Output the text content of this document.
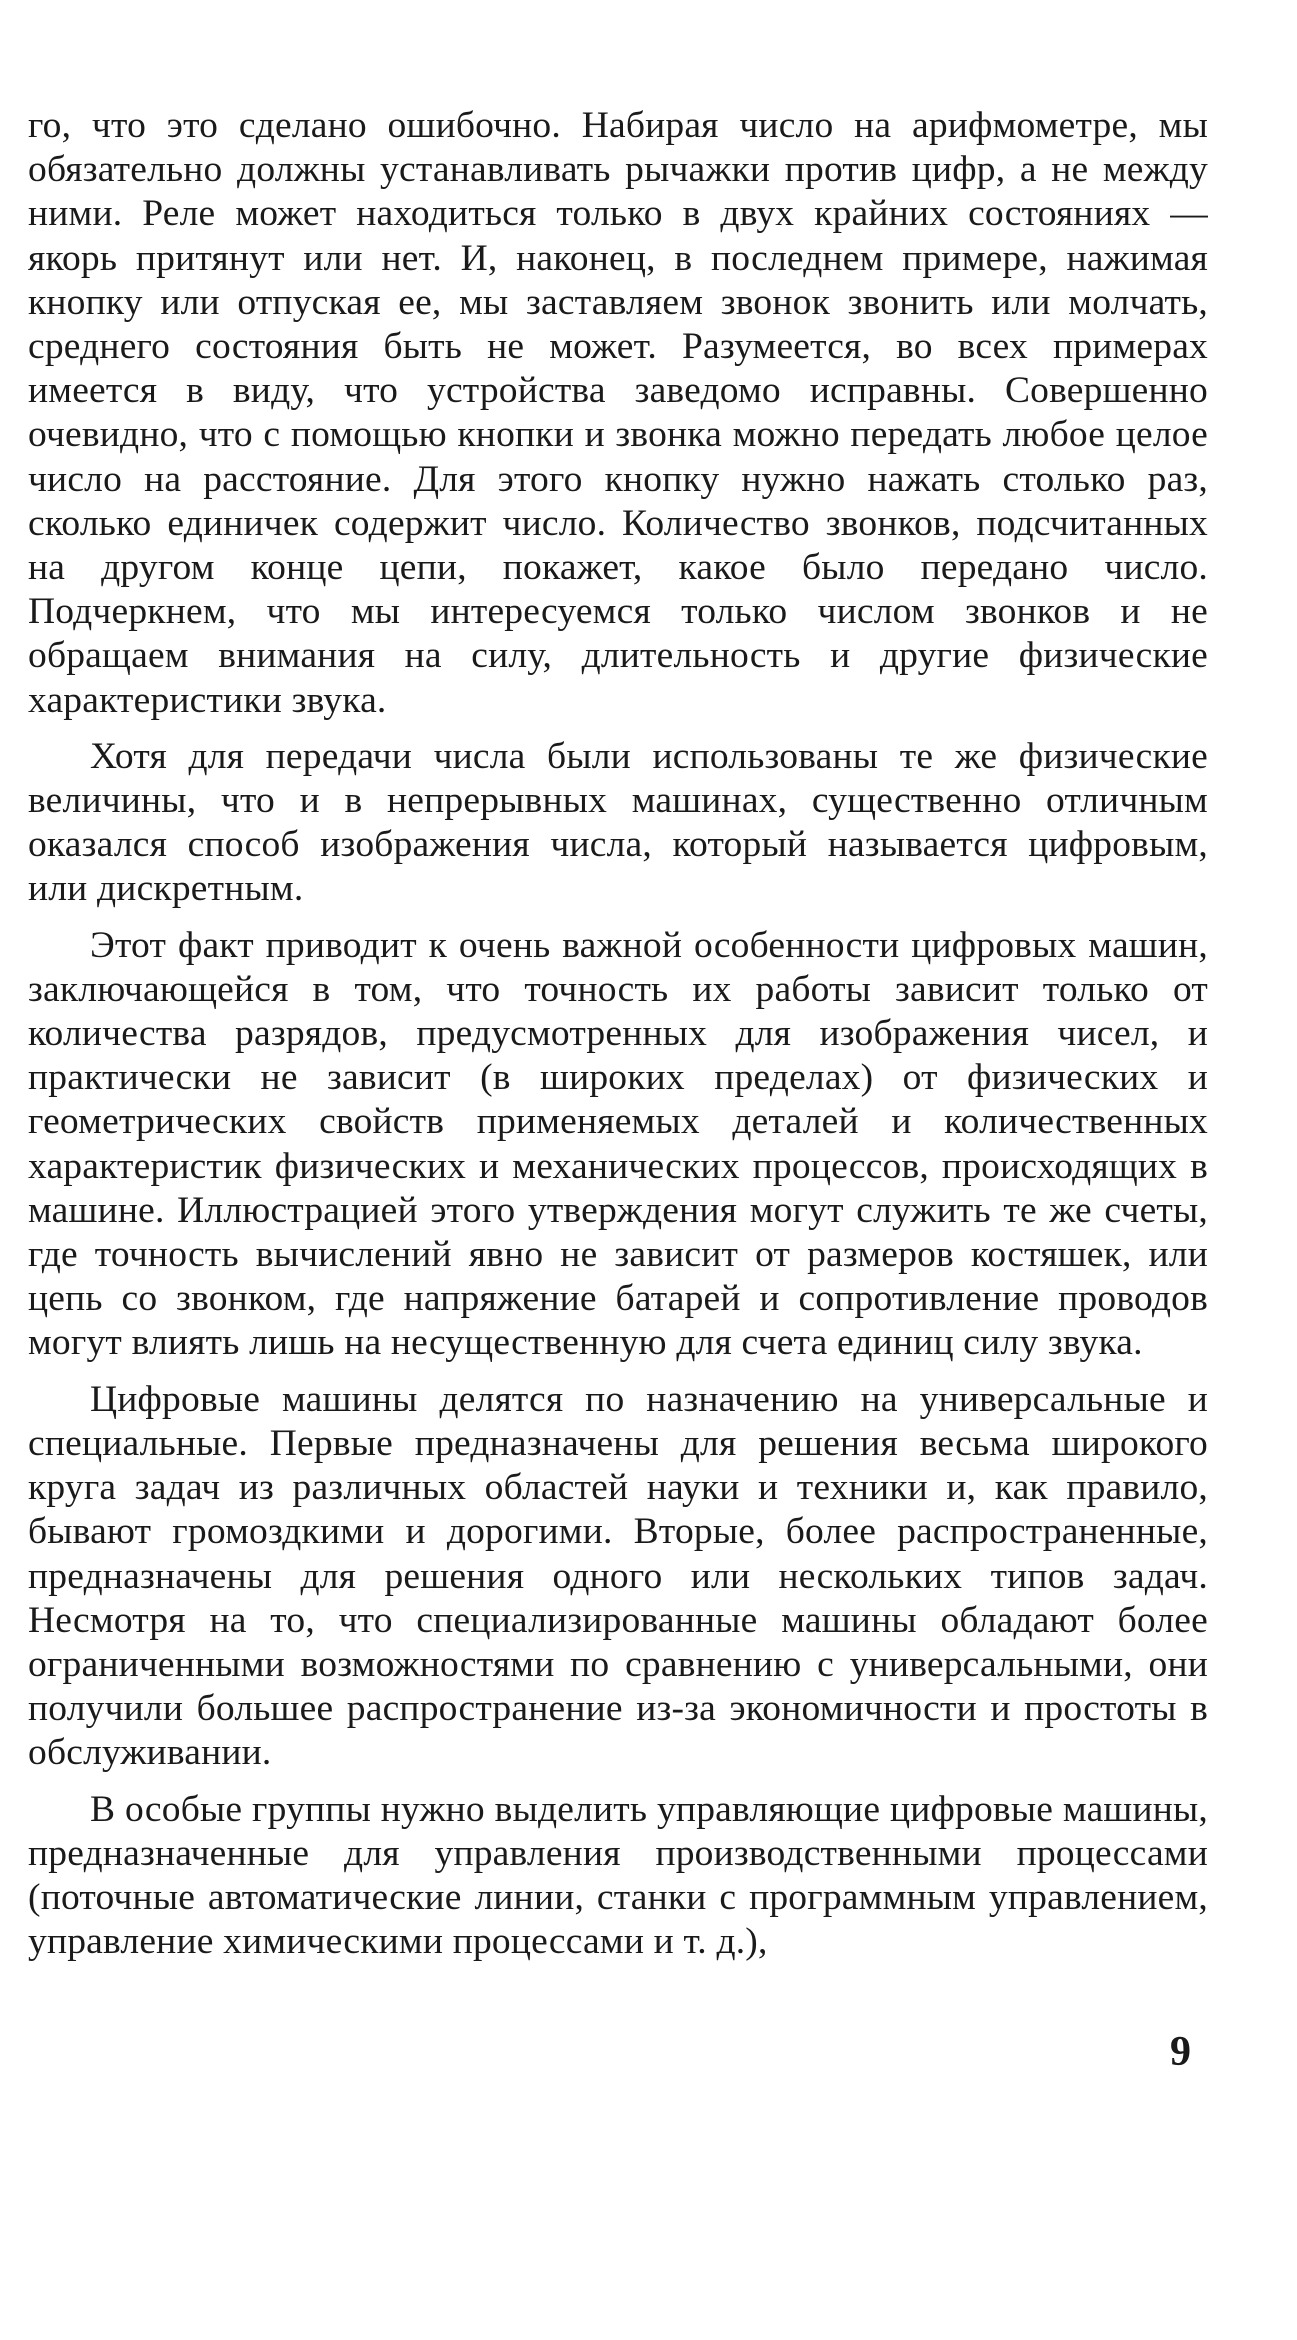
го, что это сделано ошибочно. Набирая число на арифмометре, мы обязательно должны устанавливать рычажки против цифр, а не между ними. Реле может находиться только в двух крайних состояниях — якорь притянут или нет. И, наконец, в последнем примере, нажимая кнопку или отпуская ее, мы заставляем звонок звонить или молчать, среднего состояния быть не может. Разумеется, во всех примерах имеется в виду, что устройства заведомо исправны. Совершенно очевидно, что с помощью кнопки и звонка можно передать любое целое число на расстояние. Для этого кнопку нужно нажать столько раз, сколько единичек содержит число. Количество звонков, подсчитанных на другом конце цепи, покажет, какое было передано число. Подчеркнем, что мы интересуемся только числом звонков и не обращаем внимания на силу, длительность и другие физические характеристики звука.

Хотя для передачи числа были использованы те же физические величины, что и в непрерывных машинах, существенно отличным оказался способ изображения числа, который называется цифровым, или дискретным.

Этот факт приводит к очень важной особенности цифровых машин, заключающейся в том, что точность их работы зависит только от количества разрядов, предусмотренных для изображения чисел, и практически не зависит (в широких пределах) от физических и геометрических свойств применяемых деталей и количественных характеристик физических и механических процессов, происходящих в машине. Иллюстрацией этого утверждения могут служить те же счеты, где точность вычислений явно не зависит от размеров костяшек, или цепь со звонком, где напряжение батарей и сопротивление проводов могут влиять лишь на несущественную для счета единиц силу звука.

Цифровые машины делятся по назначению на универсальные и специальные. Первые предназначены для решения весьма широкого круга задач из различных областей науки и техники и, как правило, бывают громоздкими и дорогими. Вторые, более распространенные, предназначены для решения одного или нескольких типов задач. Несмотря на то, что специализированные машины обладают более ограниченными возможностями по сравнению с универсальными, они получили большее распространение из-за экономичности и простоты в обслуживании.

В особые группы нужно выделить управляющие цифровые машины, предназначенные для управления производственными процессами (поточные автоматические линии, станки с программным управлением, управление химическими процессами и т. д.),

9
